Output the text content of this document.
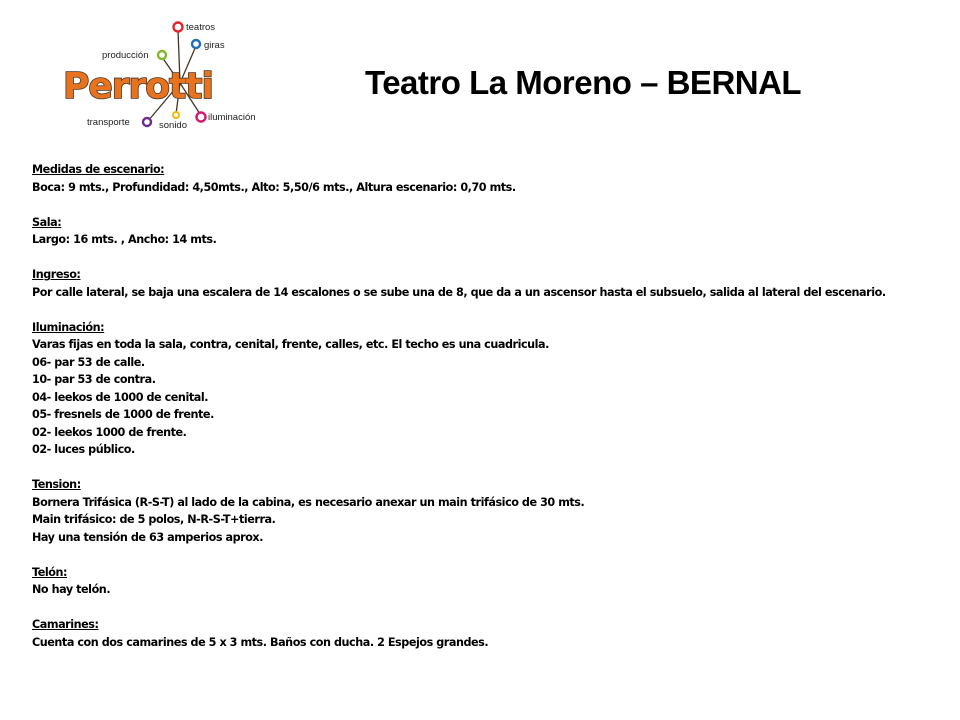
Perrotti
teatros
giras
producción
iluminación
sonido
transporte
Teatro La Moreno – BERNAL
Medidas de escenario:
Boca: 9 mts., Profundidad: 4,50mts., Alto: 5,50/6 mts., Altura escenario: 0,70 mts.
Sala:
Largo: 16 mts. , Ancho: 14 mts.
Ingreso:
Por calle lateral, se baja una escalera de 14 escalones o se sube una de 8, que da a un ascensor hasta el subsuelo, salida al lateral del escenario.
Iluminación:
Varas fijas en toda la sala, contra, cenital, frente, calles, etc. El techo es una cuadricula.
06- par 53 de calle.
10- par 53 de contra.
04- leekos de 1000 de cenital.
05- fresnels de 1000 de frente.
02- leekos 1000 de frente.
02- luces público.
Tension:
Bornera Trifásica (R-S-T) al lado de la cabina, es necesario anexar un main trifásico de 30 mts.
Main trifásico: de 5 polos, N-R-S-T+tierra.
Hay una tensión de 63 amperios aprox.
Telón:
No hay telón.
Camarines:
Cuenta con dos camarines de 5 x 3 mts. Baños con ducha. 2 Espejos grandes.
